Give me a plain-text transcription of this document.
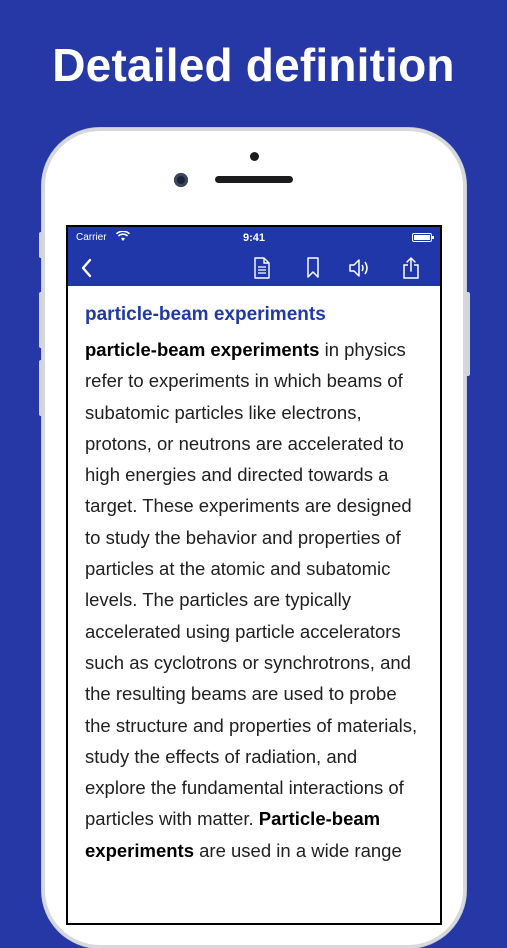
Detailed definition
Carrier	9:41
particle-beam experiments
particle-beam experiments in physics refer to experiments in which beams of subatomic particles like electrons, protons, or neutrons are accelerated to high energies and directed towards a target. These experiments are designed to study the behavior and properties of particles at the atomic and subatomic levels. The particles are typically accelerated using particle accelerators such as cyclotrons or synchrotrons, and the resulting beams are used to probe the structure and properties of materials, study the effects of radiation, and explore the fundamental interactions of particles with matter. Particle-beam experiments are used in a wide range
